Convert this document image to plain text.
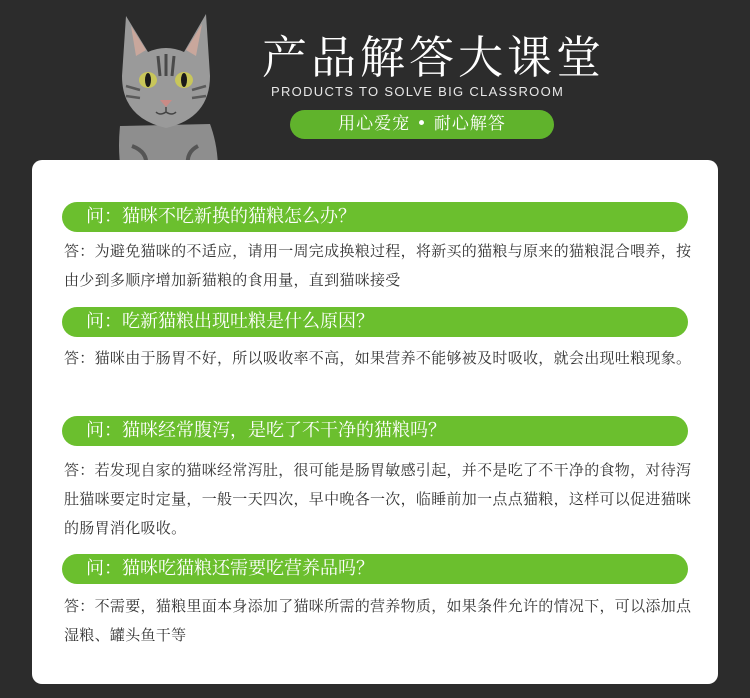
产品解答大课堂
PRODUCTS TO SOLVE BIG CLASSROOM
用心爱宠 • 耐心解答
问：猫咪不吃新换的猫粮怎么办？
答：为避免猫咪的不适应，请用一周完成换粮过程，将新买的猫粮与原来的猫粮混合喂养，按由少到多顺序增加新猫粮的食用量，直到猫咪接受
问：吃新猫粮出现吐粮是什么原因？
答：猫咪由于肠胃不好，所以吸收率不高，如果营养不能够被及时吸收，就会出现吐粮现象。
问：猫咪经常腹泻，是吃了不干净的猫粮吗？
答：若发现自家的猫咪经常泻肚，很可能是肠胃敏感引起，并不是吃了不干净的食物，对待泻肚猫咪要定时定量，一般一天四次，早中晚各一次，临睡前加一点点猫粮，这样可以促进猫咪的肠胃消化吸收。
问：猫咪吃猫粮还需要吃营养品吗？
答：不需要，猫粮里面本身添加了猫咪所需的营养物质，如果条件允许的情况下，可以添加点湿粮、罐头鱼干等
